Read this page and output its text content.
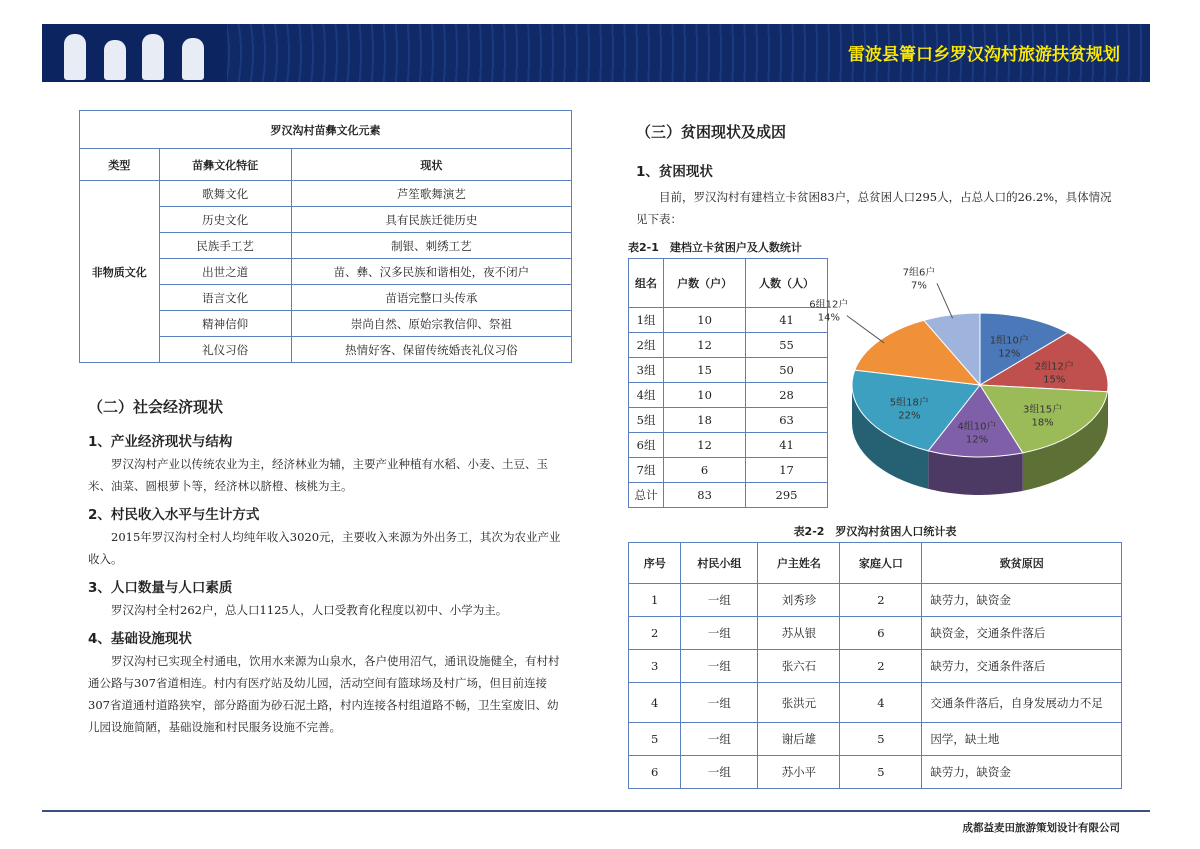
雷波县箐口乡罗汉沟村旅游扶贫规划
罗汉沟村苗彝文化元素		
类型	苗彝文化特征	现状
非物质文化	歌舞文化	芦笙歌舞演艺
	历史文化	具有民族迁徙历史
	民族手工艺	制银、刺绣工艺
	出世之道	苗、彝、汉多民族和谐相处，夜不闭户
	语言文化	苗语完整口头传承
	精神信仰	崇尚自然、原始宗教信仰、祭祖
	礼仪习俗	热情好客、保留传统婚丧礼仪习俗
（二）社会经济现状
1、产业经济现状与结构
罗汉沟村产业以传统农业为主，经济林业为辅，主要产业种植有水稻、小麦、土豆、玉米、油菜、圆根萝卜等，经济林以脐橙、核桃为主。
2、村民收入水平与生计方式
2015年罗汉沟村全村人均纯年收入3020元，主要收入来源为外出务工，其次为农业产业收入。
3、人口数量与人口素质
罗汉沟村全村262户，总人口1125人，人口受教育化程度以初中、小学为主。
4、基础设施现状
罗汉沟村已实现全村通电，饮用水来源为山泉水，各户使用沼气，通讯设施健全，有村村通公路与307省道相连。村内有医疗站及幼儿园，活动空间有篮球场及村广场，但目前连接307省道通村道路狭窄，部分路面为砂石泥土路，村内连接各村组道路不畅，卫生室废旧、幼儿园设施简陋，基础设施和村民服务设施不完善。
（三）贫困现状及成因
1、贫困现状
目前，罗汉沟村有建档立卡贫困83户，总贫困人口295人，占总人口的26.2%，具体情况见下表：
表2-1　建档立卡贫困户及人数统计
组名	户数（户）	人数（人）
1组	10	41
2组	12	55
3组	15	50
4组	10	28
5组	18	63
6组	12	41
7组	6	17
总计	83	295
1组10户
12%
2组12户
15%
3组15户
18%
4组10户
12%
5组18户
22%
6组12户
14%
7组6户
7%
表2-2　罗汉沟村贫困人口统计表
序号	村民小组	户主姓名	家庭人口	致贫原因
1	一组	刘秀珍	2	缺劳力，缺资金
2	一组	苏从银	6	缺资金，交通条件落后
3	一组	张六石	2	缺劳力，交通条件落后
4	一组	张洪元	4	交通条件落后，自身发展动力不足
5	一组	谢后雄	5	因学，缺土地
6	一组	苏小平	5	缺劳力，缺资金
成都益麦田旅游策划设计有限公司
